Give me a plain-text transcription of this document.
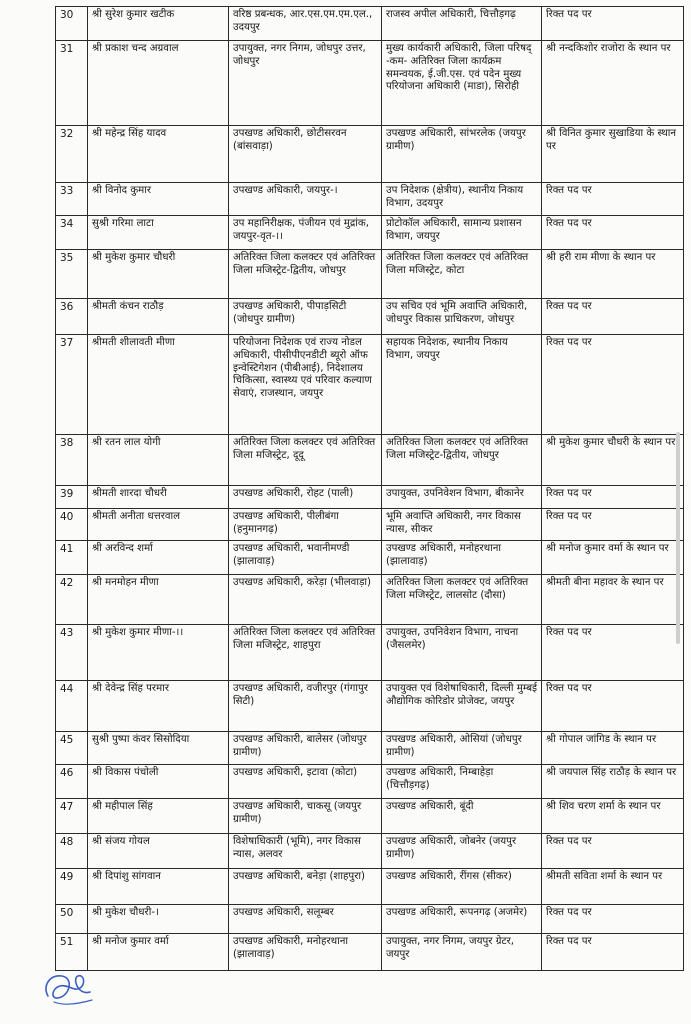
30	श्री सुरेश कुमार खटीक	वरिष्ठ प्रबन्धक, आर.एस.एम.एम.एल., उदयपुर	राजस्व अपील अधिकारी, चित्तौड़गढ़	रिक्त पद पर
31	श्री प्रकाश चन्द अग्रवाल	उपायुक्त, नगर निगम, जोधपुर उत्तर, जोधपुर	मुख्य कार्यकारी अधिकारी, जिला परिषद् -कम- अतिरिक्त जिला कार्यक्रम समन्वयक, ई.जी.एस. एवं पदेन मुख्य परियोजना अधिकारी (माडा), सिरोही	श्री नन्दकिशोर राजोरा के स्थान पर
32	श्री महेन्द्र सिंह यादव	उपखण्ड अधिकारी, छोटीसरवन (बांसवाड़ा)	उपखण्ड अधिकारी, सांभरलेक (जयपुर ग्रामीण)	श्री विनित कुमार सुखाडिया के स्थान पर
33	श्री विनोद कुमार	उपखण्ड अधिकारी, जयपुर-।	उप निदेशक (क्षेत्रीय), स्थानीय निकाय विभाग, उदयपुर	रिक्त पद पर
34	सुश्री गरिमा लाटा	उप महानिरीक्षक, पंजीयन एवं मुद्रांक, जयपुर-वृत-।।	प्रोटोकॉल अधिकारी, सामान्य प्रशासन विभाग, जयपुर	रिक्त पद पर
35	श्री मुकेश कुमार चौधरी	अतिरिक्त जिला कलक्टर एवं अतिरिक्त जिला मजिस्ट्रेट-द्वितीय, जोधपुर	अतिरिक्त जिला कलक्टर एवं अतिरिक्त जिला मजिस्ट्रेट, कोटा	श्री हरी राम मीणा के स्थान पर
36	श्रीमती कंचन राठौड़	उपखण्ड अधिकारी, पीपाड़सिटी (जोधपुर ग्रामीण)	उप सचिव एवं भूमि अवाप्ति अधिकारी, जोधपुर विकास प्राधिकरण, जोधपुर	रिक्त पद पर
37	श्रीमती शीलावती मीणा	परियोजना निदेशक एवं राज्य नोडल अधिकारी, पीसीपीएनडीटी ब्यूरो ऑफ इन्वेस्टिगेशन (पीबीआई), निदेशालय चिकित्सा, स्वास्थ्य एवं परिवार कल्याण सेवाएं, राजस्थान, जयपुर	सहायक निदेशक, स्थानीय निकाय विभाग, जयपुर	रिक्त पद पर
38	श्री रतन लाल योगी	अतिरिक्त जिला कलक्टर एवं अतिरिक्त जिला मजिस्ट्रेट, दूदू	अतिरिक्त जिला कलक्टर एवं अतिरिक्त जिला मजिस्ट्रेट-द्वितीय, जोधपुर	श्री मुकेश कुमार चौधरी के स्थान पर
39	श्रीमती शारदा चौधरी	उपखण्ड अधिकारी, रोहट (पाली)	उपायुक्त, उपनिवेशन विभाग, बीकानेर	रिक्त पद पर
40	श्रीमती अनीता धत्तरवाल	उपखण्ड अधिकारी, पीलीबंगा (हनुमानगढ़)	भूमि अवाप्ति अधिकारी, नगर विकास न्यास, सीकर	रिक्त पद पर
41	श्री अरविन्द शर्मा	उपखण्ड अधिकारी, भवानीमण्डी (झालावाड़)	उपखण्ड अधिकारी, मनोहरथाना (झालावाड़)	श्री मनोज कुमार वर्मा के स्थान पर
42	श्री मनमोहन मीणा	उपखण्ड अधिकारी, करेड़ा (भीलवाड़ा)	अतिरिक्त जिला कलक्टर एवं अतिरिक्त जिला मजिस्ट्रेट, लालसोट (दौसा)	श्रीमती बीना महावर के स्थान पर
43	श्री मुकेश कुमार मीणा-।।	अतिरिक्त जिला कलक्टर एवं अतिरिक्त जिला मजिस्ट्रेट, शाहपुरा	उपायुक्त, उपनिवेशन विभाग, नाचना (जैसलमेर)	रिक्त पद पर
44	श्री देवेन्द्र सिंह परमार	उपखण्ड अधिकारी, वजीरपुर (गंगापुर सिटी)	उपायुक्त एवं विशेषाधिकारी, दिल्ली मुम्बई औद्योगिक कोरिडोर प्रोजेक्ट, जयपुर	रिक्त पद पर
45	सुश्री पुष्पा कंवर सिसोदिया	उपखण्ड अधिकारी, बालेसर (जोधपुर ग्रामीण)	उपखण्ड अधिकारी, ओसियां (जोधपुर ग्रामीण)	श्री गोपाल जांगिड के स्थान पर
46	श्री विकास पंचोली	उपखण्ड अधिकारी, इटावा (कोटा)	उपखण्ड अधिकारी, निम्बाहेड़ा (चित्तौड़गढ़)	श्री जयपाल सिंह राठौड़ के स्थान पर
47	श्री महीपाल सिंह	उपखण्ड अधिकारी, चाकसू (जयपुर ग्रामीण)	उपखण्ड अधिकारी, बूंदी	श्री शिव चरण शर्मा के स्थान पर
48	श्री संजय गोयल	विशेषाधिकारी (भूमि), नगर विकास न्यास, अलवर	उपखण्ड अधिकारी, जोबनेर (जयपुर ग्रामीण)	रिक्त पद पर
49	श्री दिपांशु सांगवान	उपखण्ड अधिकारी, बनेड़ा (शाहपुरा)	उपखण्ड अधिकारी, रींगस (सीकर)	श्रीमती सविता शर्मा के स्थान पर
50	श्री मुकेश चौधरी-।	उपखण्ड अधिकारी, सलूम्बर	उपखण्ड अधिकारी, रूपनगढ़ (अजमेर)	रिक्त पद पर
51	श्री मनोज कुमार वर्मा	उपखण्ड अधिकारी, मनोहरथाना (झालावाड़)	उपायुक्त, नगर निगम, जयपुर ग्रेटर, जयपुर	रिक्त पद पर
